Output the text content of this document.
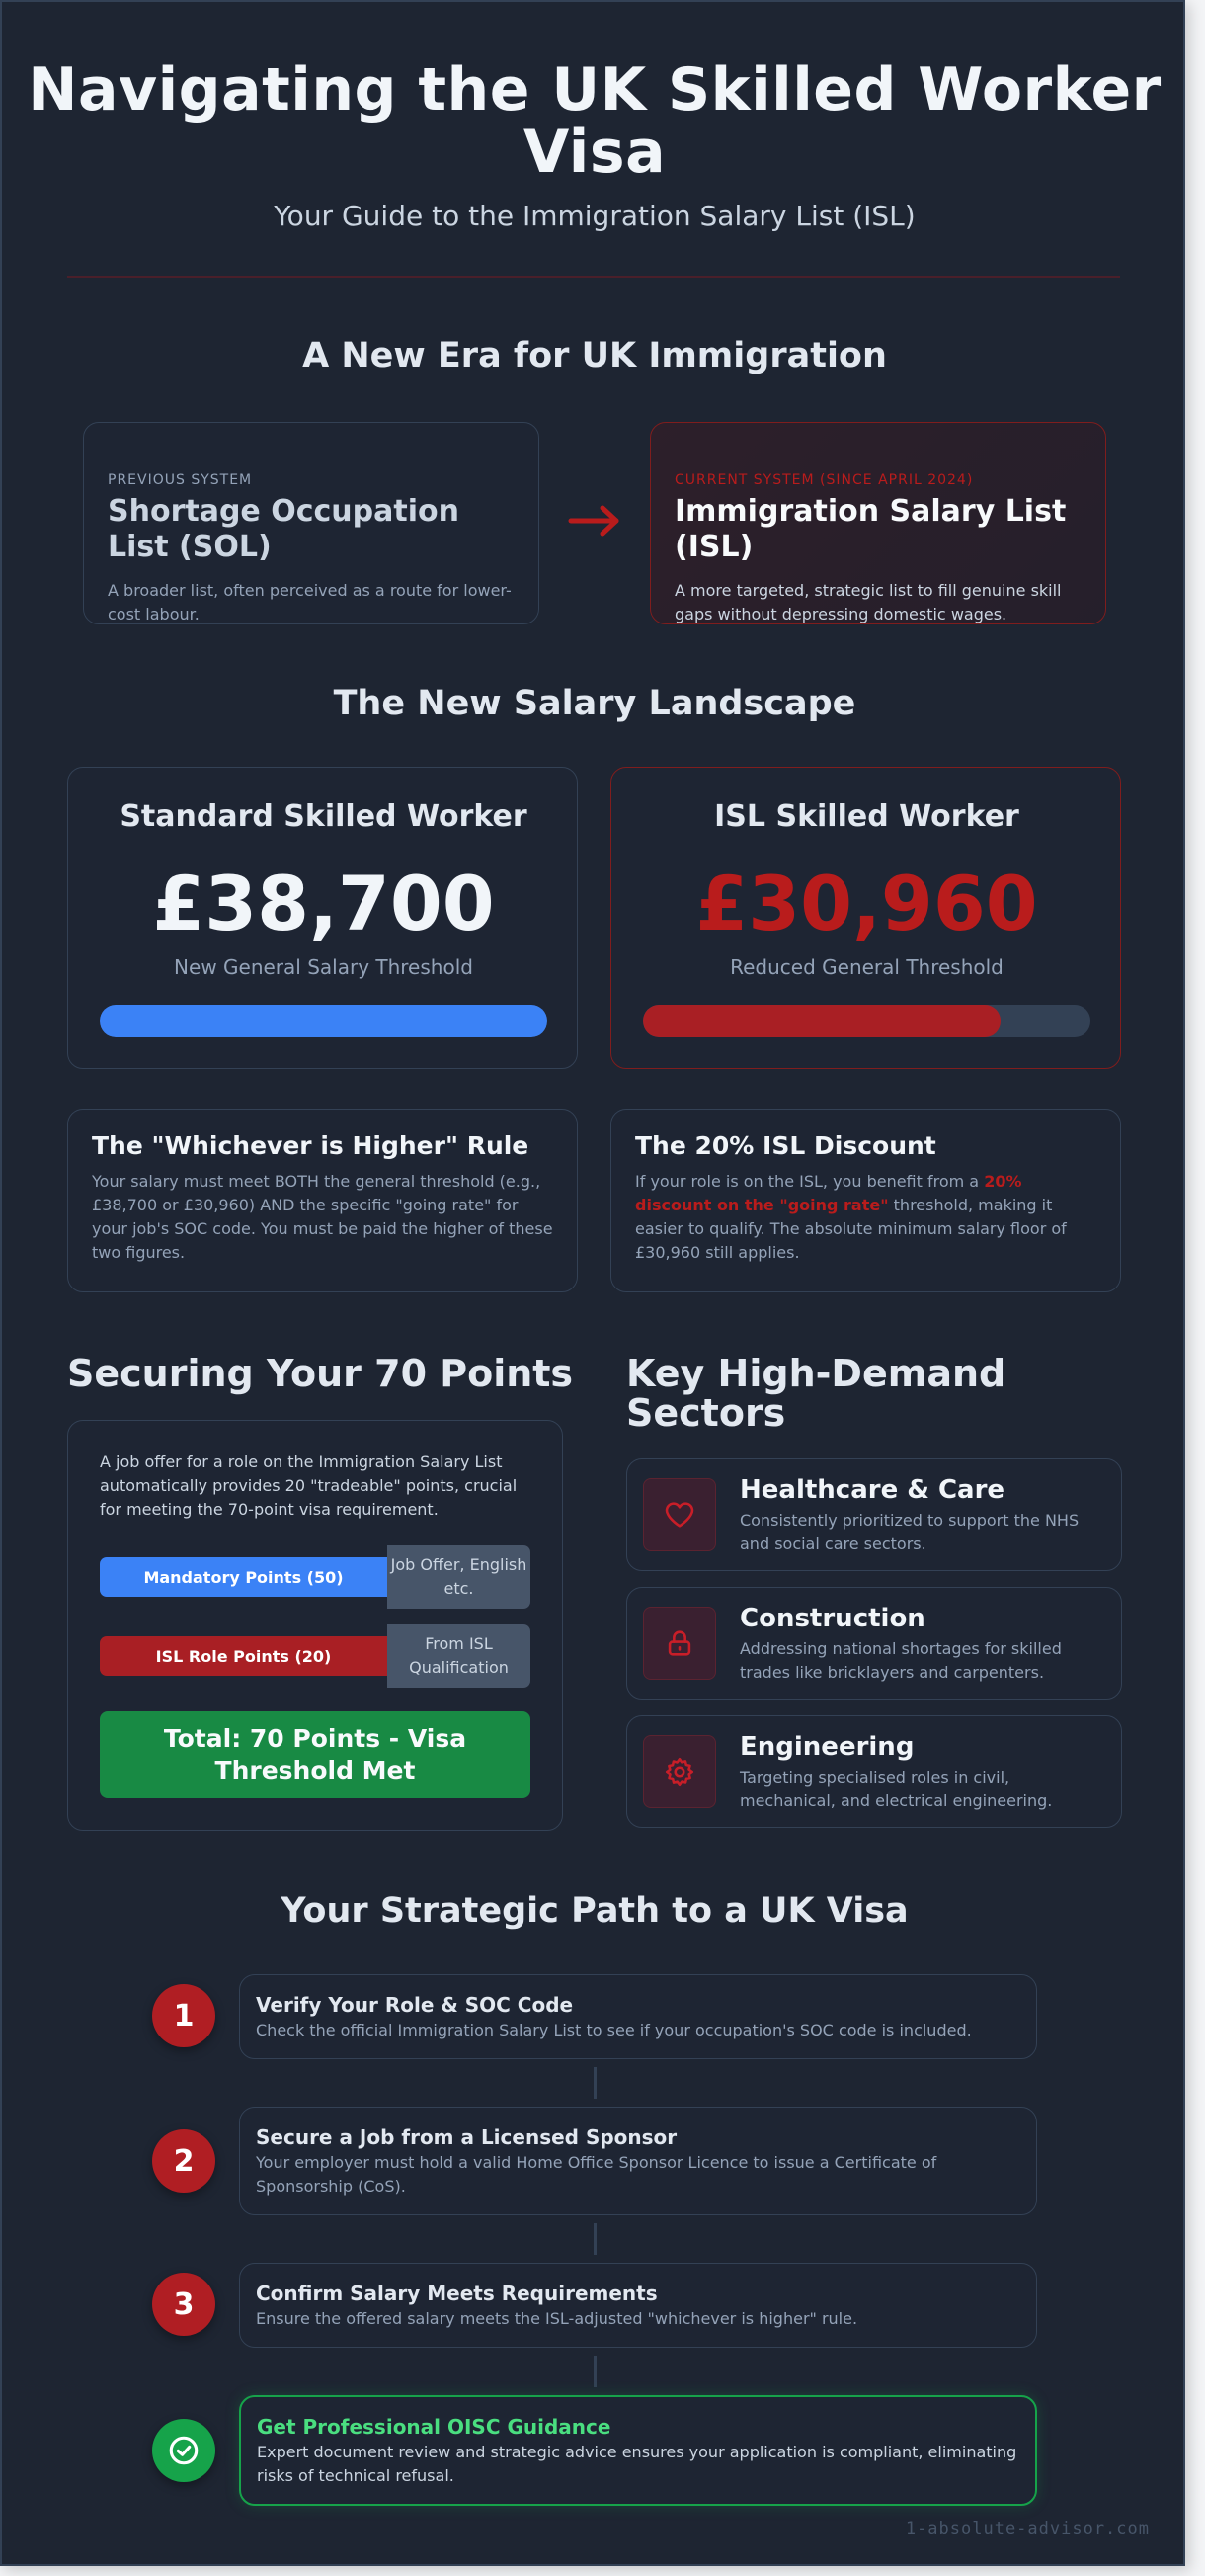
Navigating the UK Skilled Worker Visa
Your Guide to the Immigration Salary List (ISL)
A New Era for UK Immigration
PREVIOUS SYSTEM
Shortage Occupation List (SOL)
A broader list, often perceived as a route for lower-cost labour.
CURRENT SYSTEM (SINCE APRIL 2024)
Immigration Salary List (ISL)
A more targeted, strategic list to fill genuine skill gaps without depressing domestic wages.
The New Salary Landscape
Standard Skilled Worker
£38,700
New General Salary Threshold
ISL Skilled Worker
£30,960
Reduced General Threshold
The "Whichever is Higher" Rule
Your salary must meet BOTH the general threshold (e.g., £38,700 or £30,960) AND the specific "going rate" for your job's SOC code. You must be paid the higher of these two figures.
The 20% ISL Discount
If your role is on the ISL, you benefit from a 20% discount on the "going rate" threshold, making it easier to qualify. The absolute minimum salary floor of £30,960 still applies.
Securing Your 70 Points
A job offer for a role on the Immigration Salary List automatically provides 20 "tradeable" points, crucial for meeting the 70-point visa requirement.
Mandatory Points (50)
Job Offer, English etc.
ISL Role Points (20)
From ISL Qualification
Total: 70 Points - Visa Threshold Met
Key High-Demand Sectors
Healthcare & Care
Consistently prioritized to support the NHS and social care sectors.
Construction
Addressing national shortages for skilled trades like bricklayers and carpenters.
Engineering
Targeting specialised roles in civil, mechanical, and electrical engineering.
Your Strategic Path to a UK Visa
1	Verify Your Role & SOC Code
Check the official Immigration Salary List to see if your occupation's SOC code is included.
2
Secure a Job from a Licensed Sponsor
Your employer must hold a valid Home Office Sponsor Licence to issue a Certificate of Sponsorship (CoS).
3	Confirm Salary Meets Requirements
Ensure the offered salary meets the ISL-adjusted "whichever is higher" rule.
Get Professional OISC Guidance
Expert document review and strategic advice ensures your application is compliant, eliminating risks of technical refusal.
1-absolute-advisor.com
